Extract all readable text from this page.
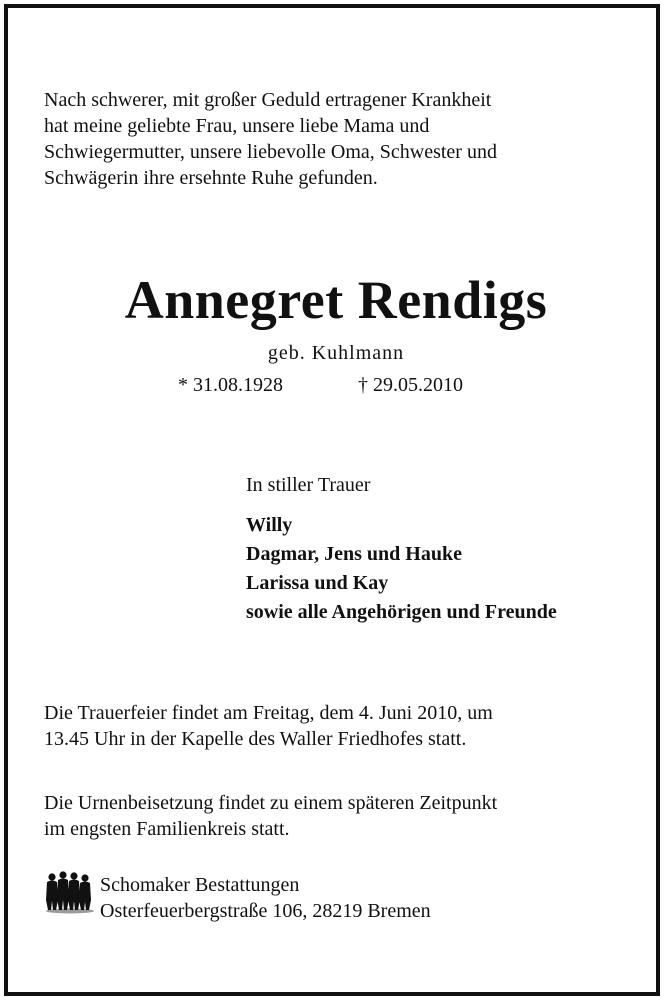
Nach schwerer, mit großer Geduld ertragener Krankheit
hat meine geliebte Frau, unsere liebe Mama und
Schwiegermutter, unsere liebevolle Oma, Schwester und
Schwägerin ihre ersehnte Ruhe gefunden.
Annegret Rendigs
geb. Kuhlmann
* 31.08.1928	† 29.05.2010
In stiller Trauer
Willy
Dagmar, Jens und Hauke
Larissa und Kay
sowie alle Angehörigen und Freunde
Die Trauerfeier findet am Freitag, dem 4. Juni 2010, um
13.45 Uhr in der Kapelle des Waller Friedhofes statt.
Die Urnenbeisetzung findet zu einem späteren Zeitpunkt
im engsten Familienkreis statt.
Schomaker Bestattungen
Osterfeuerbergstraße 106, 28219 Bremen
